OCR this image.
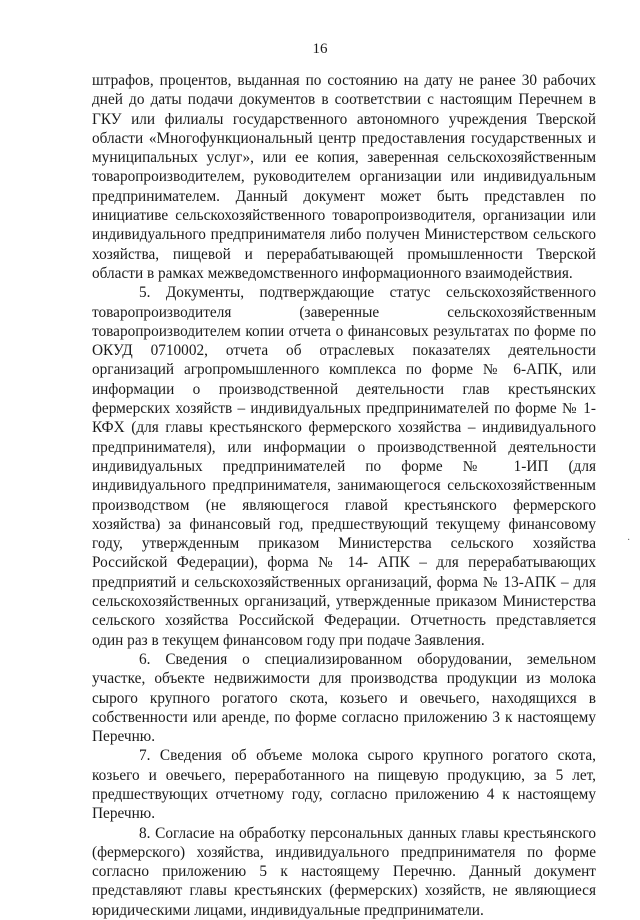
16

штрафов, процентов, выданная по состоянию на дату не ранее 30 рабочих дней до даты подачи документов в соответствии с настоящим Перечнем в ГКУ или филиалы государственного автономного учреждения Тверской области «Многофункциональный центр предоставления государственных и муниципальных услуг», или ее копия, заверенная сельскохозяйственным товаропроизводителем, руководителем организации или индивидуальным предпринимателем. Данный документ может быть представлен по инициативе сельскохозяйственного товаропроизводителя, организации или индивидуального предпринимателя либо получен Министерством сельского хозяйства, пищевой и перерабатывающей промышленности Тверской области в рамках межведомственного информационного взаимодействия.

5. Документы, подтверждающие статус сельскохозяйственного товаропроизводителя (заверенные сельскохозяйственным товаропроизводителем копии отчета о финансовых результатах по форме по ОКУД 0710002, отчета об отраслевых показателях деятельности организаций агропромышленного комплекса по форме № 6-АПК, или информации о производственной деятельности глав крестьянских фермерских хозяйств – индивидуальных предпринимателей по форме № 1-КФХ (для главы крестьянского фермерского хозяйства – индивидуального предпринимателя), или информации о производственной деятельности индивидуальных предпринимателей по форме № 1-ИП (для индивидуального предпринимателя, занимающегося сельскохозяйственным производством (не являющегося главой крестьянского фермерского хозяйства) за финансовый год, предшествующий текущему финансовому году, утвержденным приказом Министерства сельского хозяйства Российской Федерации), форма № 14- АПК – для перерабатывающих предприятий и сельскохозяйственных организаций, форма № 13-АПК – для сельскохозяйственных организаций, утвержденные приказом Министерства сельского хозяйства Российской Федерации. Отчетность представляется один раз в текущем финансовом году при подаче Заявления.

6. Сведения о специализированном оборудовании, земельном участке, объекте недвижимости для производства продукции из молока сырого крупного рогатого скота, козьего и овечьего, находящихся в собственности или аренде, по форме согласно приложению 3 к настоящему Перечню.

7. Сведения об объеме молока сырого крупного рогатого скота, козьего и овечьего, переработанного на пищевую продукцию, за 5 лет, предшествующих отчетному году, согласно приложению 4 к настоящему Перечню.

8. Согласие на обработку персональных данных главы крестьянского (фермерского) хозяйства, индивидуального предпринимателя по форме согласно приложению 5 к настоящему Перечню. Данный документ представляют главы крестьянских (фермерских) хозяйств, не являющиеся юридическими лицами, индивидуальные предприниматели.

·
